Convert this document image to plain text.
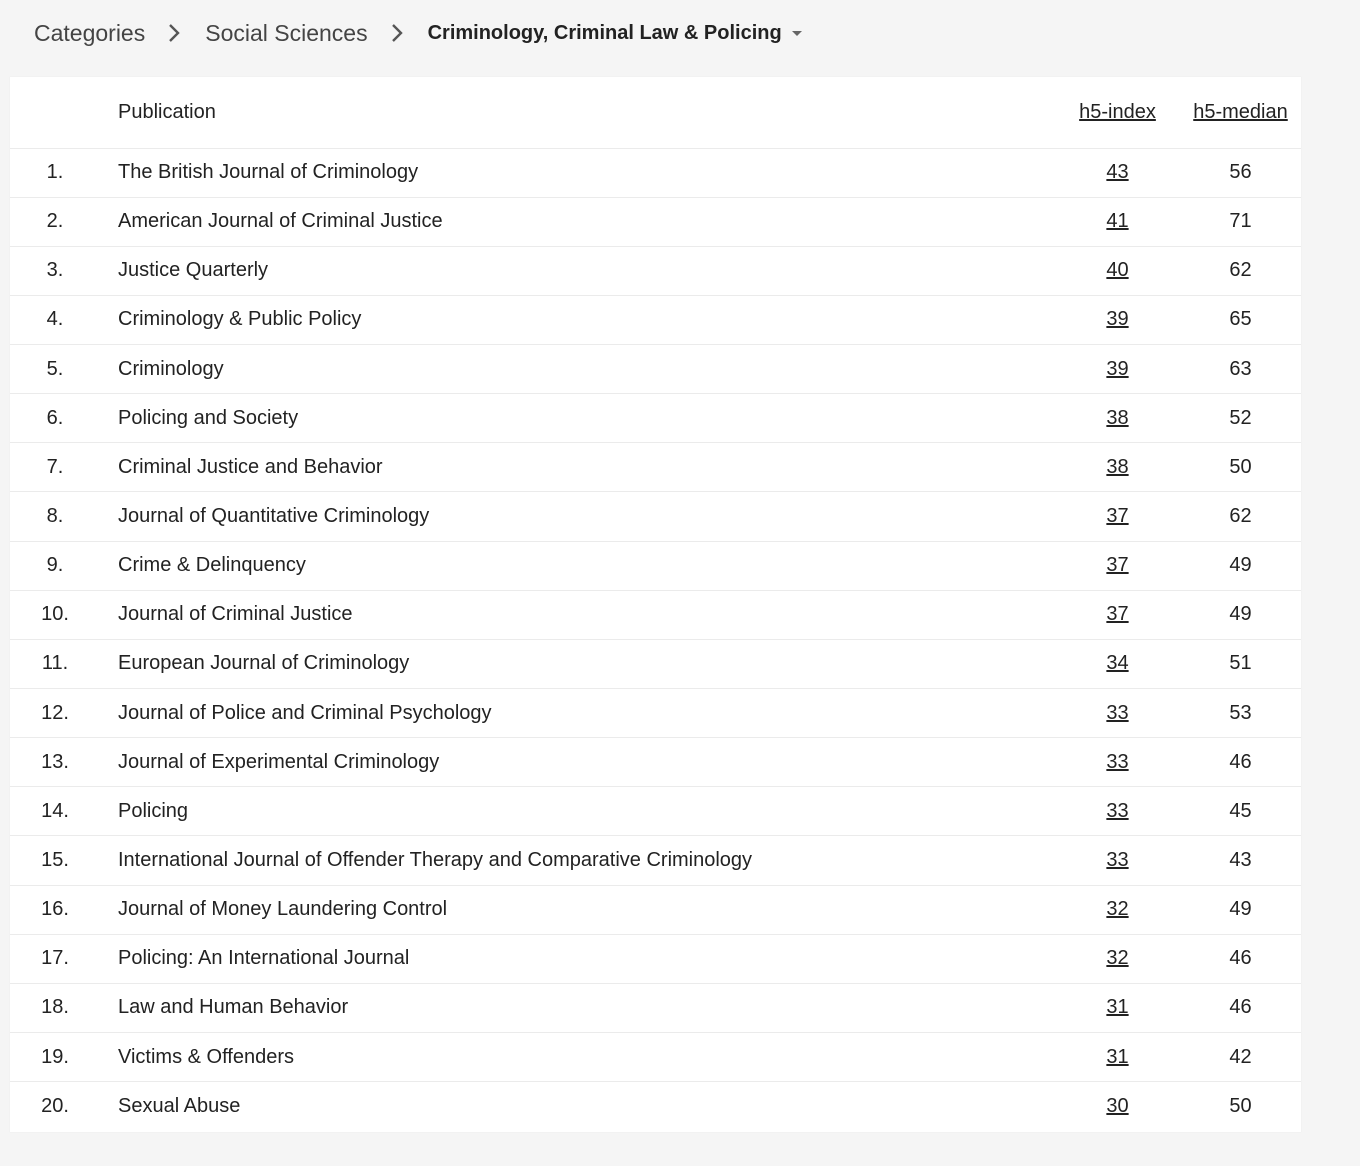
Categories	Social Sciences	Criminology, Criminal Law & Policing
	Publication	h5-index	h5-median
1.	The British Journal of Criminology	43	56
2.	American Journal of Criminal Justice	41	71
3.	Justice Quarterly	40	62
4.	Criminology & Public Policy	39	65
5.	Criminology	39	63
6.	Policing and Society	38	52
7.	Criminal Justice and Behavior	38	50
8.	Journal of Quantitative Criminology	37	62
9.	Crime & Delinquency	37	49
10.	Journal of Criminal Justice	37	49
11.	European Journal of Criminology	34	51
12.	Journal of Police and Criminal Psychology	33	53
13.	Journal of Experimental Criminology	33	46
14.	Policing	33	45
15.	International Journal of Offender Therapy and Comparative Criminology	33	43
16.	Journal of Money Laundering Control	32	49
17.	Policing: An International Journal	32	46
18.	Law and Human Behavior	31	46
19.	Victims & Offenders	31	42
20.	Sexual Abuse	30	50
